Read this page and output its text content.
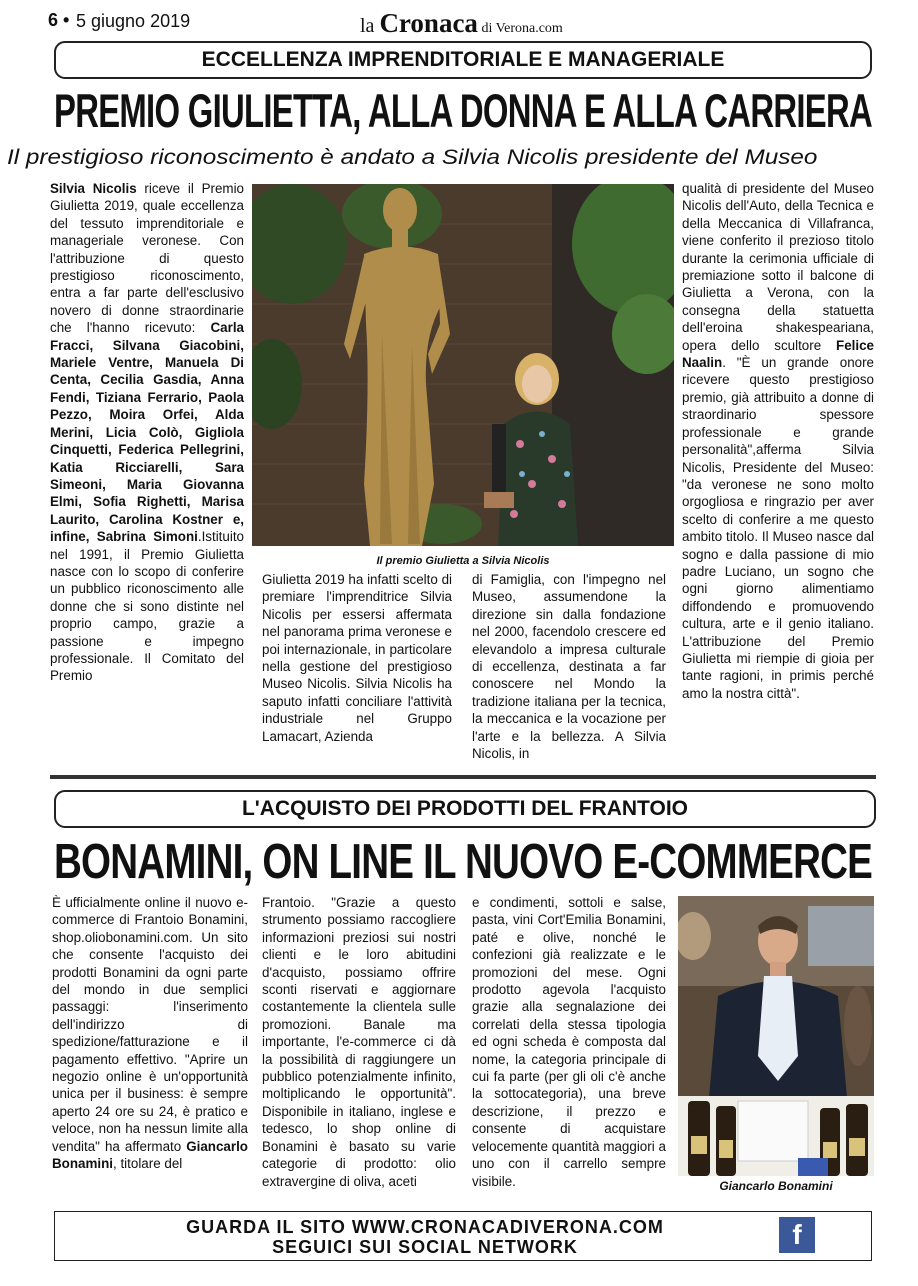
6 • 5 giugno 2019	la Cronaca di Verona.com
ECCELLENZA IMPRENDITORIALE E MANAGERIALE
PREMIO GIULIETTA, ALLA DONNA E ALLA CARRIERA
Il prestigioso riconoscimento è andato a Silvia Nicolis presidente del Museo
Silvia Nicolis riceve il Premio Giulietta 2019, quale eccellenza del tessuto imprenditoriale e manageriale veronese. Con l'attribuzione di questo prestigioso riconoscimento, entra a far parte dell'esclusivo novero di donne straordinarie che l'hanno ricevuto: Carla Fracci, Silvana Giacobini, Mariele Ventre, Manuela Di Centa, Cecilia Gasdia, Anna Fendi, Tiziana Ferrario, Paola Pezzo, Moira Orfei, Alda Merini, Licia Colò, Gigliola Cinquetti, Federica Pellegrini, Katia Ricciarelli, Sara Simeoni, Maria Giovanna Elmi, Sofia Righetti, Marisa Laurito, Carolina Kostner e, infine, Sabrina Simoni.Istituito nel 1991, il Premio Giulietta nasce con lo scopo di conferire un pubblico riconoscimento alle donne che si sono distinte nel proprio campo, grazie a passione e impegno professionale. Il Comitato del Premio
Il premio Giulietta a Silvia Nicolis
Giulietta 2019 ha infatti scelto di premiare l'imprenditrice Silvia Nicolis per essersi affermata nel panorama prima veronese e poi internazionale, in particolare nella gestione del prestigioso Museo Nicolis. Silvia Nicolis ha saputo infatti conciliare l'attività industriale nel Gruppo Lamacart, Azienda
di Famiglia, con l'impegno nel Museo, assumendone la direzione sin dalla fondazione nel 2000, facendolo crescere ed elevandolo a impresa culturale di eccellenza, destinata a far conoscere nel Mondo la tradizione italiana per la tecnica, la meccanica e la vocazione per l'arte e la bellezza. A Silvia Nicolis, in
qualità di presidente del Museo Nicolis dell'Auto, della Tecnica e della Meccanica di Villafranca, viene conferito il prezioso titolo durante la cerimonia ufficiale di premiazione sotto il balcone di Giulietta a Verona, con la consegna della statuetta dell'eroina shakespeariana, opera dello scultore Felice Naalin. "È un grande onore ricevere questo prestigioso premio, già attribuito a donne di straordinario spessore professionale e grande personalità",afferma Silvia Nicolis, Presidente del Museo: "da veronese ne sono molto orgogliosa e ringrazio per aver scelto di conferire a me questo ambito titolo. Il Museo nasce dal sogno e dalla passione di mio padre Luciano, un sogno che ogni giorno alimentiamo diffondendo e promuovendo cultura, arte e il genio italiano. L'attribuzione del Premio Giulietta mi riempie di gioia per tante ragioni, in primis perché amo la nostra città".
L'ACQUISTO DEI PRODOTTI DEL FRANTOIO
BONAMINI, ON LINE IL NUOVO E-COMMERCE
È ufficialmente online il nuovo e-commerce di Frantoio Bonamini, shop.oliobonamini.com. Un sito che consente l'acquisto dei prodotti Bonamini da ogni parte del mondo in due semplici passaggi: l'inserimento dell'indirizzo di spedizione/fatturazione e il pagamento effettivo. "Aprire un negozio online è un'opportunità unica per il business: è sempre aperto 24 ore su 24, è pratico e veloce, non ha nessun limite alla vendita" ha affermato Giancarlo Bonamini, titolare del
Frantoio. "Grazie a questo strumento possiamo raccogliere informazioni preziosi sui nostri clienti e le loro abitudini d'acquisto, possiamo offrire sconti riservati e aggiornare costantemente la clientela sulle promozioni. Banale ma importante, l'e-commerce ci dà la possibilità di raggiungere un pubblico potenzialmente infinito, moltiplicando le opportunità". Disponibile in italiano, inglese e tedesco, lo shop online di Bonamini è basato su varie categorie di prodotto: olio extravergine di oliva, aceti
e condimenti, sottoli e salse, pasta, vini Cort'Emilia Bonamini, paté e olive, nonché le confezioni già realizzate e le promozioni del mese. Ogni prodotto agevola l'acquisto grazie alla segnalazione dei correlati della stessa tipologia ed ogni scheda è composta dal nome, la categoria principale di cui fa parte (per gli oli c'è anche la sottocategoria), una breve descrizione, il prezzo e consente di acquistare velocemente quantità maggiori a uno con il carrello sempre visibile.	Giancarlo Bonamini
GUARDA IL SITO WWW.CRONACADIVERONA.COM
SEGUICI SUI SOCIAL NETWORK	f
